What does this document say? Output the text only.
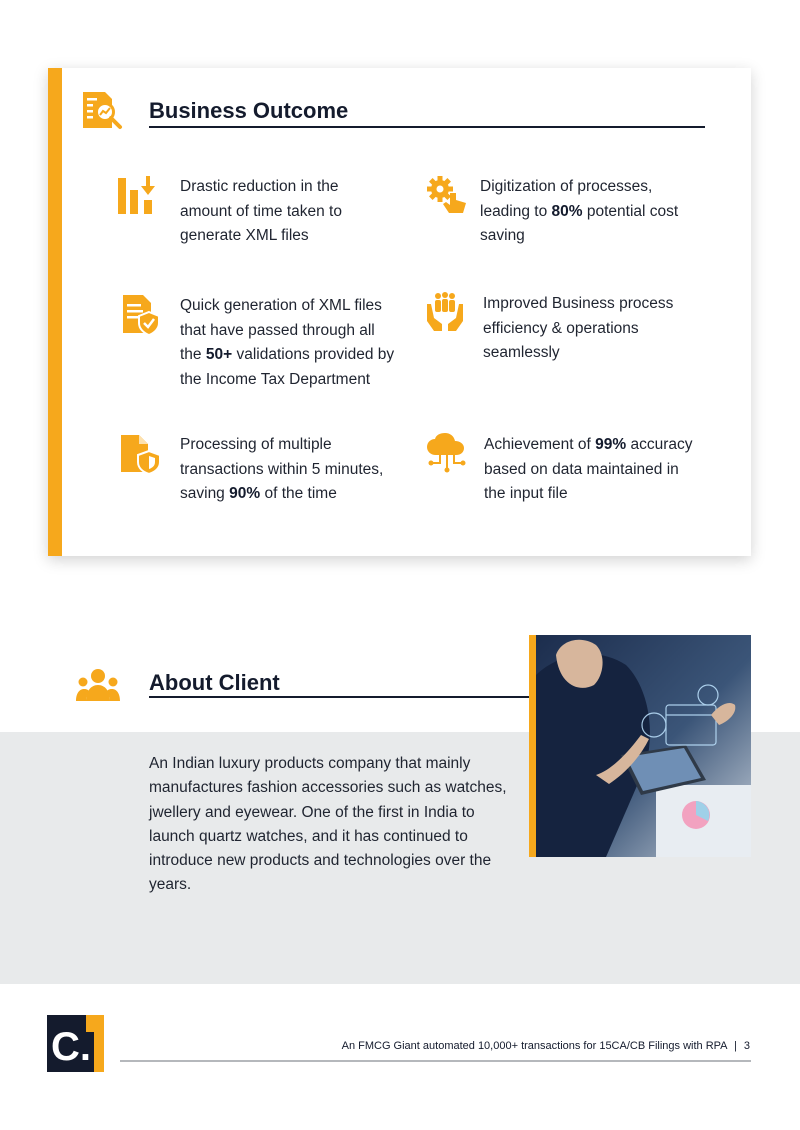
Business Outcome
Drastic reduction in the amount of time taken to generate XML files
Digitization of processes, leading to 80% potential cost saving
Quick generation of XML files that have passed through all the 50+ validations provided by the Income Tax Department
Improved Business process efficiency & operations seamlessly
Processing of multiple transactions within 5 minutes, saving 90% of the time
Achievement of 99% accuracy based on data maintained in the input file
About Client
An Indian luxury products company that mainly manufactures fashion accessories such as watches, jwellery and eyewear. One of the first in India to launch quartz watches, and it has continued to introduce new products and technologies over the years.
C.	An FMCG Giant automated 10,000+ transactions for 15CA/CB Filings with RPA | 3
